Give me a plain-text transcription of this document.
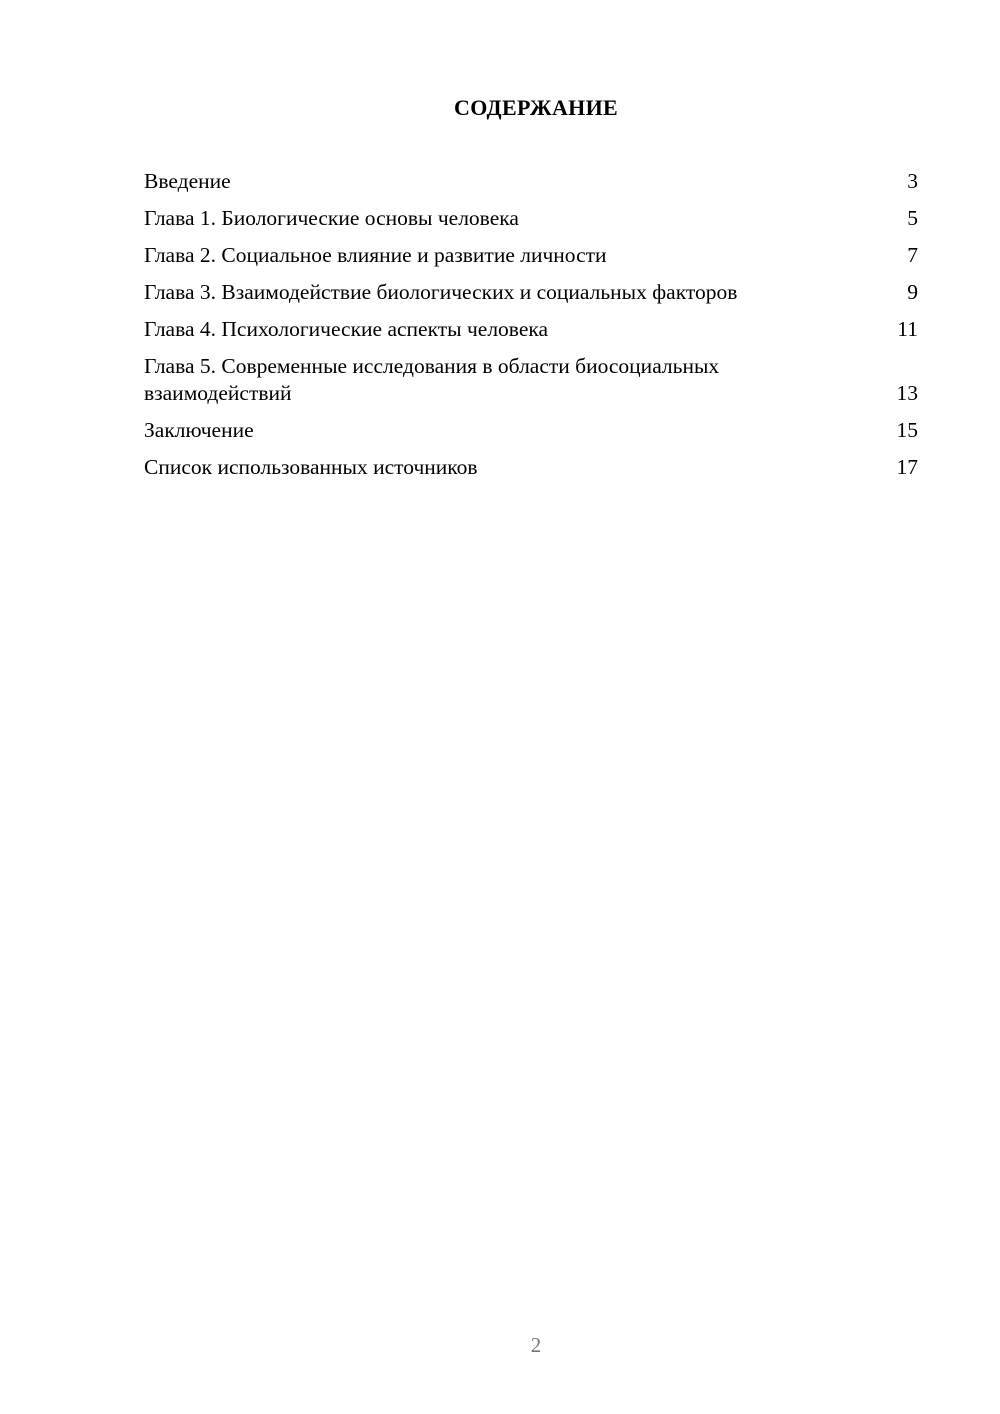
СОДЕРЖАНИЕ
Введение	3
Глава 1. Биологические основы человека	5
Глава 2. Социальное влияние и развитие личности	7
Глава 3. Взаимодействие биологических и социальных факторов	9
Глава 4. Психологические аспекты человека	11
Глава 5. Современные исследования в области биосоциальных взаимодействий	13
Заключение	15
Список использованных источников	17
2
